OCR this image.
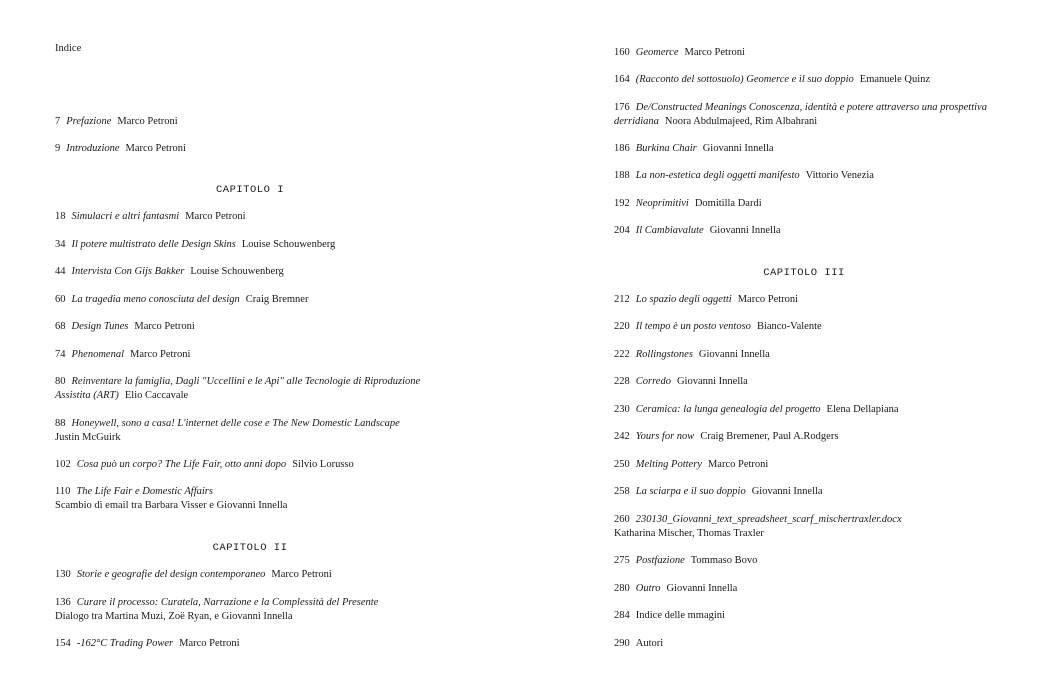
Indice
7 Prefazione Marco Petroni
9 Introduzione Marco Petroni
CAPITOLO I
18 Simulacri e altri fantasmi Marco Petroni
34 Il potere multistrato delle Design Skins Louise Schouwenberg
44 Intervista Con Gijs Bakker Louise Schouwenberg
60 La tragedia meno conosciuta del design Craig Bremner
68 Design Tunes Marco Petroni
74 Phenomenal Marco Petroni
80 Reinventare la famiglia, Dagli "Uccellini e le Api" alle Tecnologie di Riproduzione Assistita (ART) Elio Caccavale
88 Honeywell, sono a casa! L'internet delle cose e The New Domestic Landscape
Justin McGuirk
102 Cosa può un corpo? The Life Fair, otto anni dopo Silvio Lorusso
110 The Life Fair e Domestic Affairs
Scambio di email tra Barbara Visser e Giovanni Innella
CAPITOLO II
130 Storie e geografie del design contemporaneo Marco Petroni
136 Curare il processo: Curatela, Narrazione e la Complessità del Presente
Dialogo tra Martina Muzi, Zoë Ryan, e Giovanni Innella
154 -162°C Trading Power Marco Petroni
160 Geomerce Marco Petroni
164 (Racconto del sottosuolo) Geomerce e il suo doppio Emanuele Quinz
176 De/Constructed Meanings Conoscenza, identità e potere attraverso una prospettiva derridiana Noora Abdulmajeed, Rim Albahrani
186 Burkina Chair Giovanni Innella
188 La non-estetica degli oggetti manifesto Vittorio Venezia
192 Neoprimitivi Domitilla Dardi
204 Il Cambiavalute Giovanni Innella
CAPITOLO III
212 Lo spazio degli oggetti Marco Petroni
220 Il tempo è un posto ventoso Bianco-Valente
222 Rollingstones Giovanni Innella
228 Corredo Giovanni Innella
230 Ceramica: la lunga genealogia del progetto Elena Dellapiana
242 Yours for now Craig Bremener, Paul A.Rodgers
250 Melting Pottery Marco Petroni
258 La sciarpa e il suo doppio Giovanni Innella
260 230130_Giovanni_text_spreadsheet_scarf_mischertraxler.docx
Katharina Mischer, Thomas Traxler
275 Postfazione Tommaso Bovo
280 Outro Giovanni Innella
284 Indice delle mmagini
290 Autori
